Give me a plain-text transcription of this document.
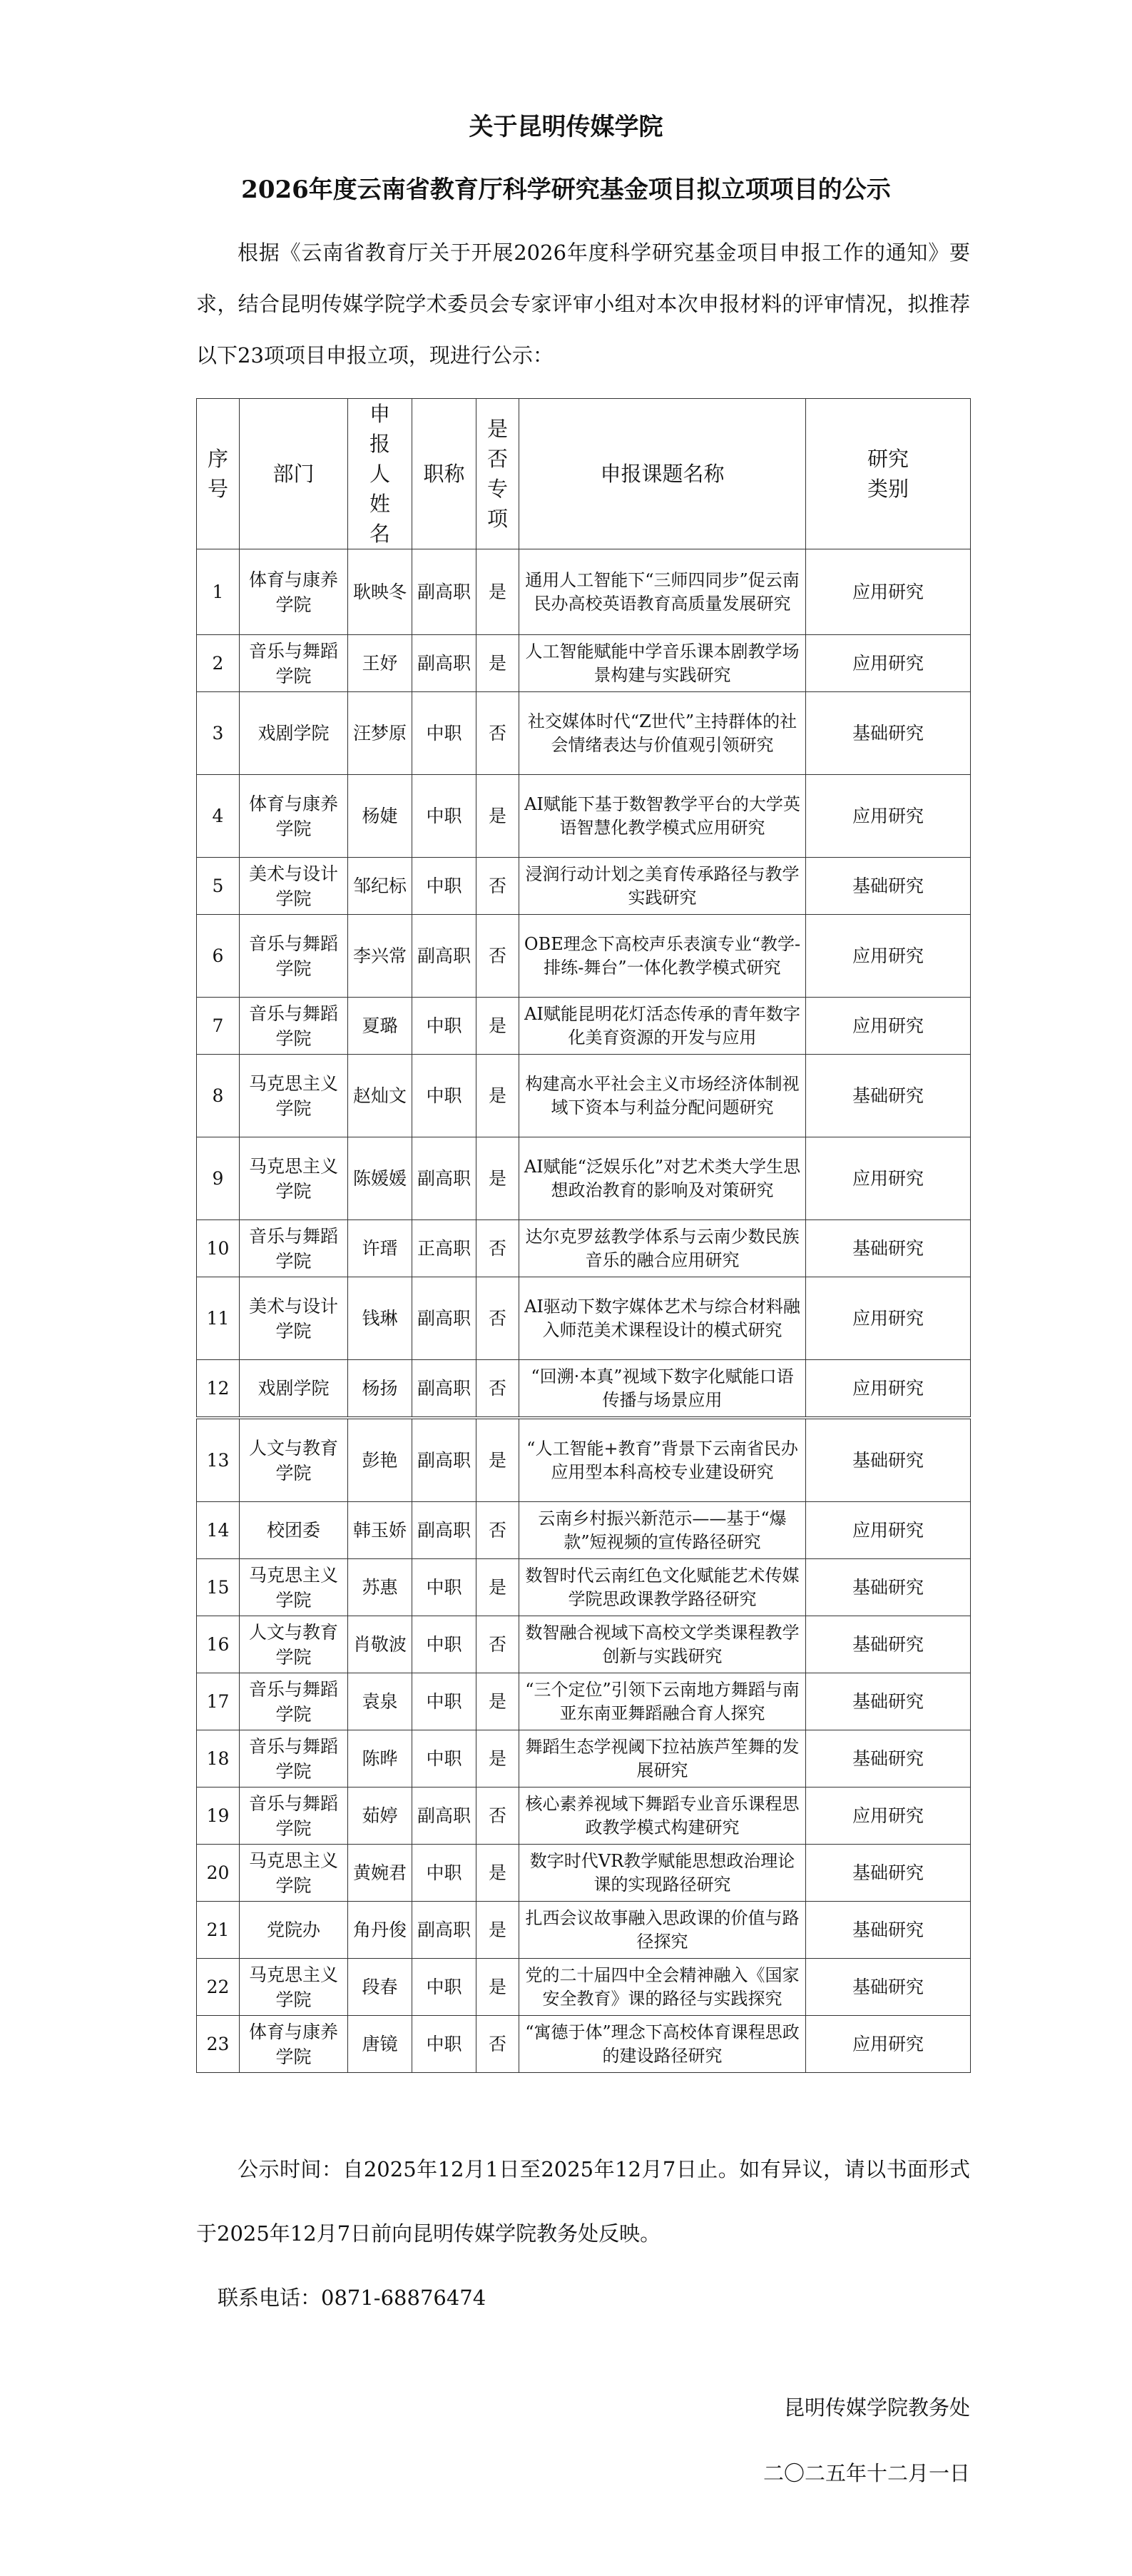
关于昆明传媒学院

2026年度云南省教育厅科学研究基金项目拟立项项目的公示

根据《云南省教育厅关于开展2026年度科学研究基金项目申报工作的通知》要求，结合昆明传媒学院学术委员会专家评审小组对本次申报材料的评审情况，拟推荐以下23项项目申报立项，现进行公示：

序号	部门	申报人姓名	职称	是否专项	申报课题名称	研究类别
1	体育与康养学院	耿映冬	副高职	是	通用人工智能下“三师四同步”促云南民办高校英语教育高质量发展研究	应用研究
2	音乐与舞蹈学院	王妤	副高职	是	人工智能赋能中学音乐课本剧教学场景构建与实践研究	应用研究
3	戏剧学院	汪梦原	中职	否	社交媒体时代“Z世代”主持群体的社会情绪表达与价值观引领研究	基础研究
4	体育与康养学院	杨婕	中职	是	AI赋能下基于数智教学平台的大学英语智慧化教学模式应用研究	应用研究
5	美术与设计学院	邹纪标	中职	否	浸润行动计划之美育传承路径与教学实践研究	基础研究
6	音乐与舞蹈学院	李兴常	副高职	否	OBE理念下高校声乐表演专业“教学-排练-舞台”一体化教学模式研究	应用研究
7	音乐与舞蹈学院	夏璐	中职	是	AI赋能昆明花灯活态传承的青年数字化美育资源的开发与应用	应用研究
8	马克思主义学院	赵灿文	中职	是	构建高水平社会主义市场经济体制视域下资本与利益分配问题研究	基础研究
9	马克思主义学院	陈媛媛	副高职	是	AI赋能“泛娱乐化”对艺术类大学生思想政治教育的影响及对策研究	应用研究
10	音乐与舞蹈学院	许瑨	正高职	否	达尔克罗兹教学体系与云南少数民族音乐的融合应用研究	基础研究
11	美术与设计学院	钱琳	副高职	否	AI驱动下数字媒体艺术与综合材料融入师范美术课程设计的模式研究	应用研究
12	戏剧学院	杨扬	副高职	否	“回溯·本真”视域下数字化赋能口语传播与场景应用	应用研究
13	人文与教育学院	彭艳	副高职	是	“人工智能+教育”背景下云南省民办应用型本科高校专业建设研究	基础研究
14	校团委	韩玉娇	副高职	否	云南乡村振兴新范示——基于“爆款”短视频的宣传路径研究	应用研究
15	马克思主义学院	苏惠	中职	是	数智时代云南红色文化赋能艺术传媒学院思政课教学路径研究	基础研究
16	人文与教育学院	肖敬波	中职	否	数智融合视域下高校文学类课程教学创新与实践研究	基础研究
17	音乐与舞蹈学院	袁泉	中职	是	“三个定位”引领下云南地方舞蹈与南亚东南亚舞蹈融合育人探究	基础研究
18	音乐与舞蹈学院	陈晔	中职	是	舞蹈生态学视阈下拉祜族芦笙舞的发展研究	基础研究
19	音乐与舞蹈学院	茹婷	副高职	否	核心素养视域下舞蹈专业音乐课程思政教学模式构建研究	应用研究
20	马克思主义学院	黄婉君	中职	是	数字时代VR教学赋能思想政治理论课的实现路径研究	基础研究
21	党院办	角丹俊	副高职	是	扎西会议故事融入思政课的价值与路径探究	基础研究
22	马克思主义学院	段春	中职	是	党的二十届四中全会精神融入《国家安全教育》课的路径与实践探究	基础研究
23	体育与康养学院	唐镜	中职	否	“寓德于体”理念下高校体育课程思政的建设路径研究	应用研究

公示时间：自2025年12月1日至2025年12月7日止。如有异议，请以书面形式于2025年12月7日前向昆明传媒学院教务处反映。

联系电话：0871-68876474

昆明传媒学院教务处

二〇二五年十二月一日
